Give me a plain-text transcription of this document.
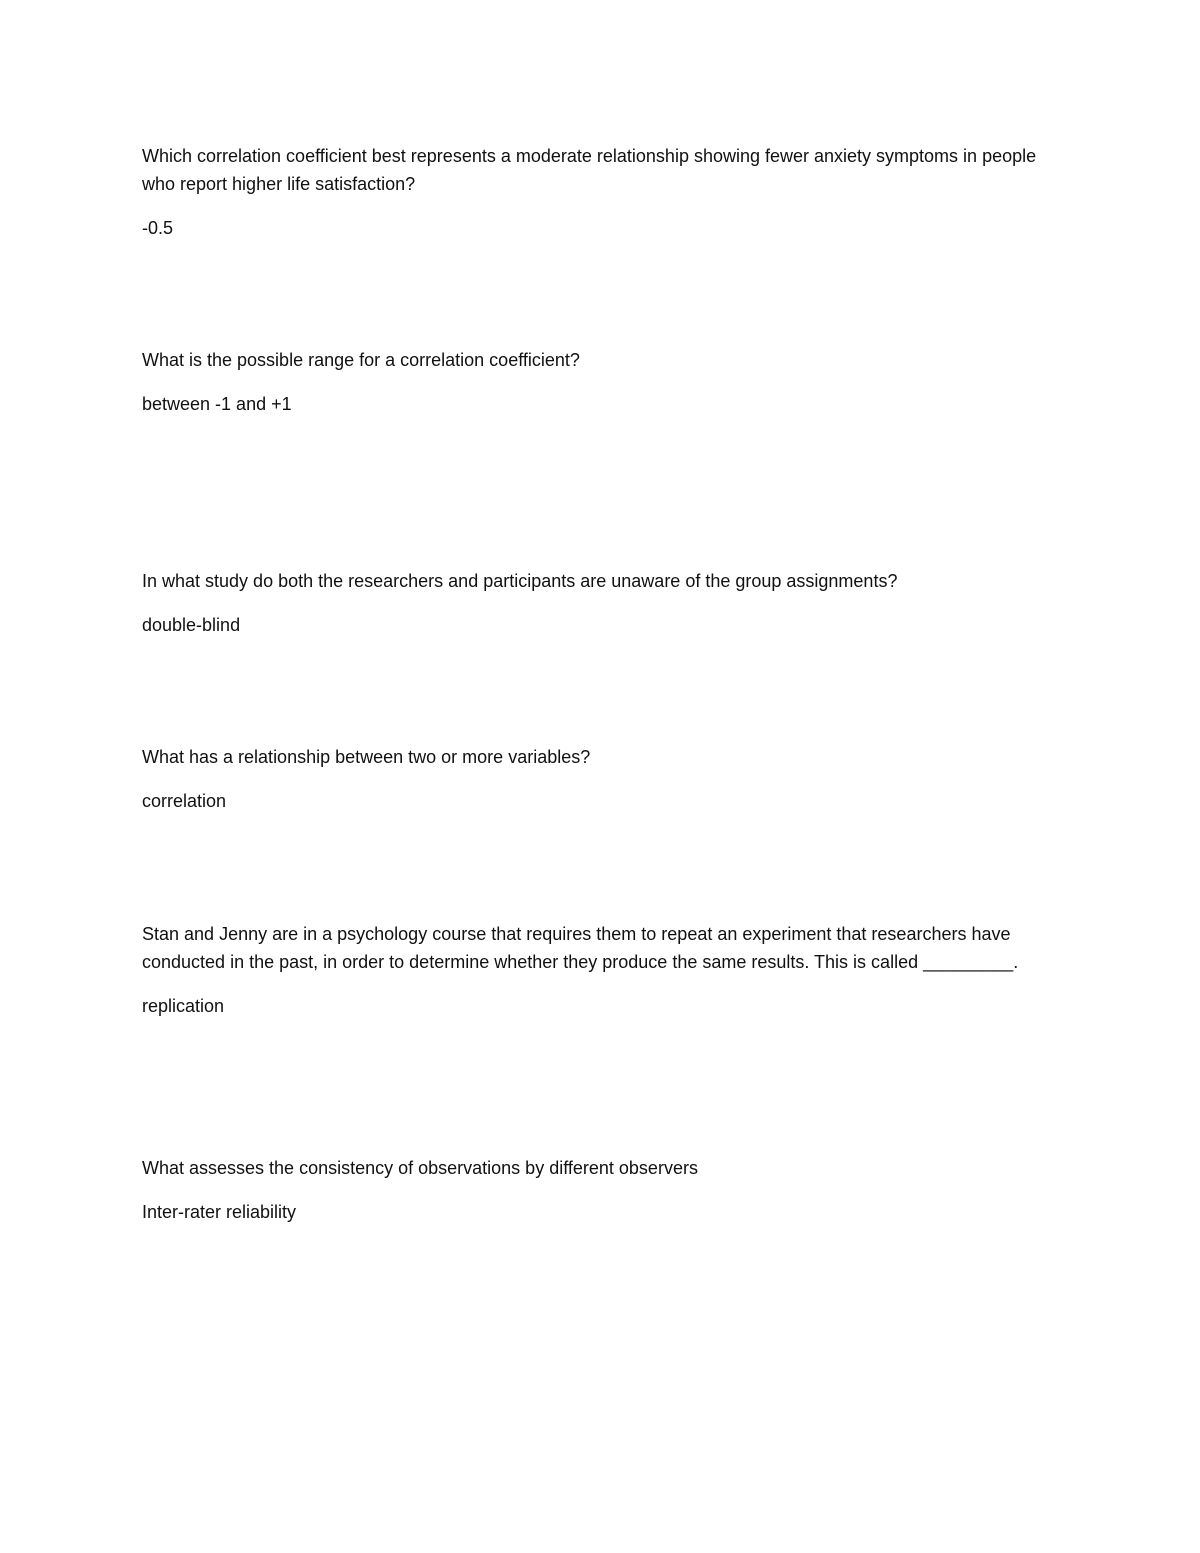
Which correlation coefficient best represents a moderate relationship showing fewer anxiety symptoms in people who report higher life satisfaction?

-0.5

What is the possible range for a correlation coefficient?

between -1 and +1

In what study do both the researchers and participants are unaware of the group assignments?

double-blind

What has a relationship between two or more variables?

correlation

Stan and Jenny are in a psychology course that requires them to repeat an experiment that researchers have conducted in the past, in order to determine whether they produce the same results. This is called _________.

replication

What assesses the consistency of observations by different observers

Inter-rater reliability
